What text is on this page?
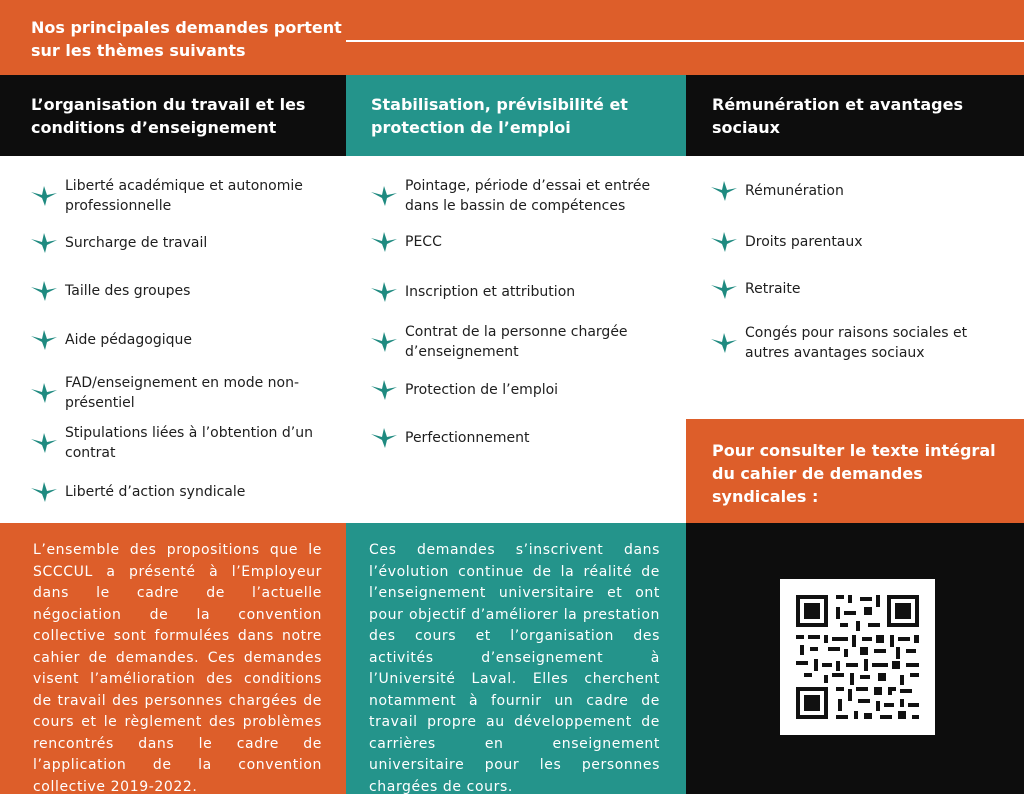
Nos principales demandes portent sur les thèmes suivants
L’organisation du travail et les conditions d’enseignement
Stabilisation, prévisibilité et protection de l’emploi
Rémunération et avantages sociaux
Liberté académique et autonomie professionnelle
Surcharge de travail
Taille des groupes
Aide pédagogique
FAD/enseignement en mode non-présentiel
Stipulations liées à l’obtention d’un contrat
Liberté d’action syndicale
Pointage, période d’essai et entrée dans le bassin de compétences
PECC
Inscription et attribution
Contrat de la personne chargée d’enseignement
Protection de l’emploi
Perfectionnement
Rémunération
Droits parentaux
Retraite
Congés pour raisons sociales et autres avantages sociaux
Pour consulter le texte intégral du cahier de demandes syndicales :

L’ensemble des propositions que le SCCCUL a présenté à l’Employeur dans le cadre de l’actuelle négociation de la convention collective sont formulées dans notre cahier de demandes. Ces demandes visent l’amélioration des conditions de travail des personnes chargées de cours et le règlement des problèmes rencontrés dans le cadre de l’application de la convention collective 2019-2022.

Ces demandes s’inscrivent dans l’évolution continue de la réalité de l’enseignement universitaire et ont pour objectif d’améliorer la prestation des cours et l’organisation des activités d’enseignement à l’Université Laval. Elles cherchent notamment à fournir un cadre de travail propre au développement de carrières en enseignement universitaire pour les personnes chargées de cours.
